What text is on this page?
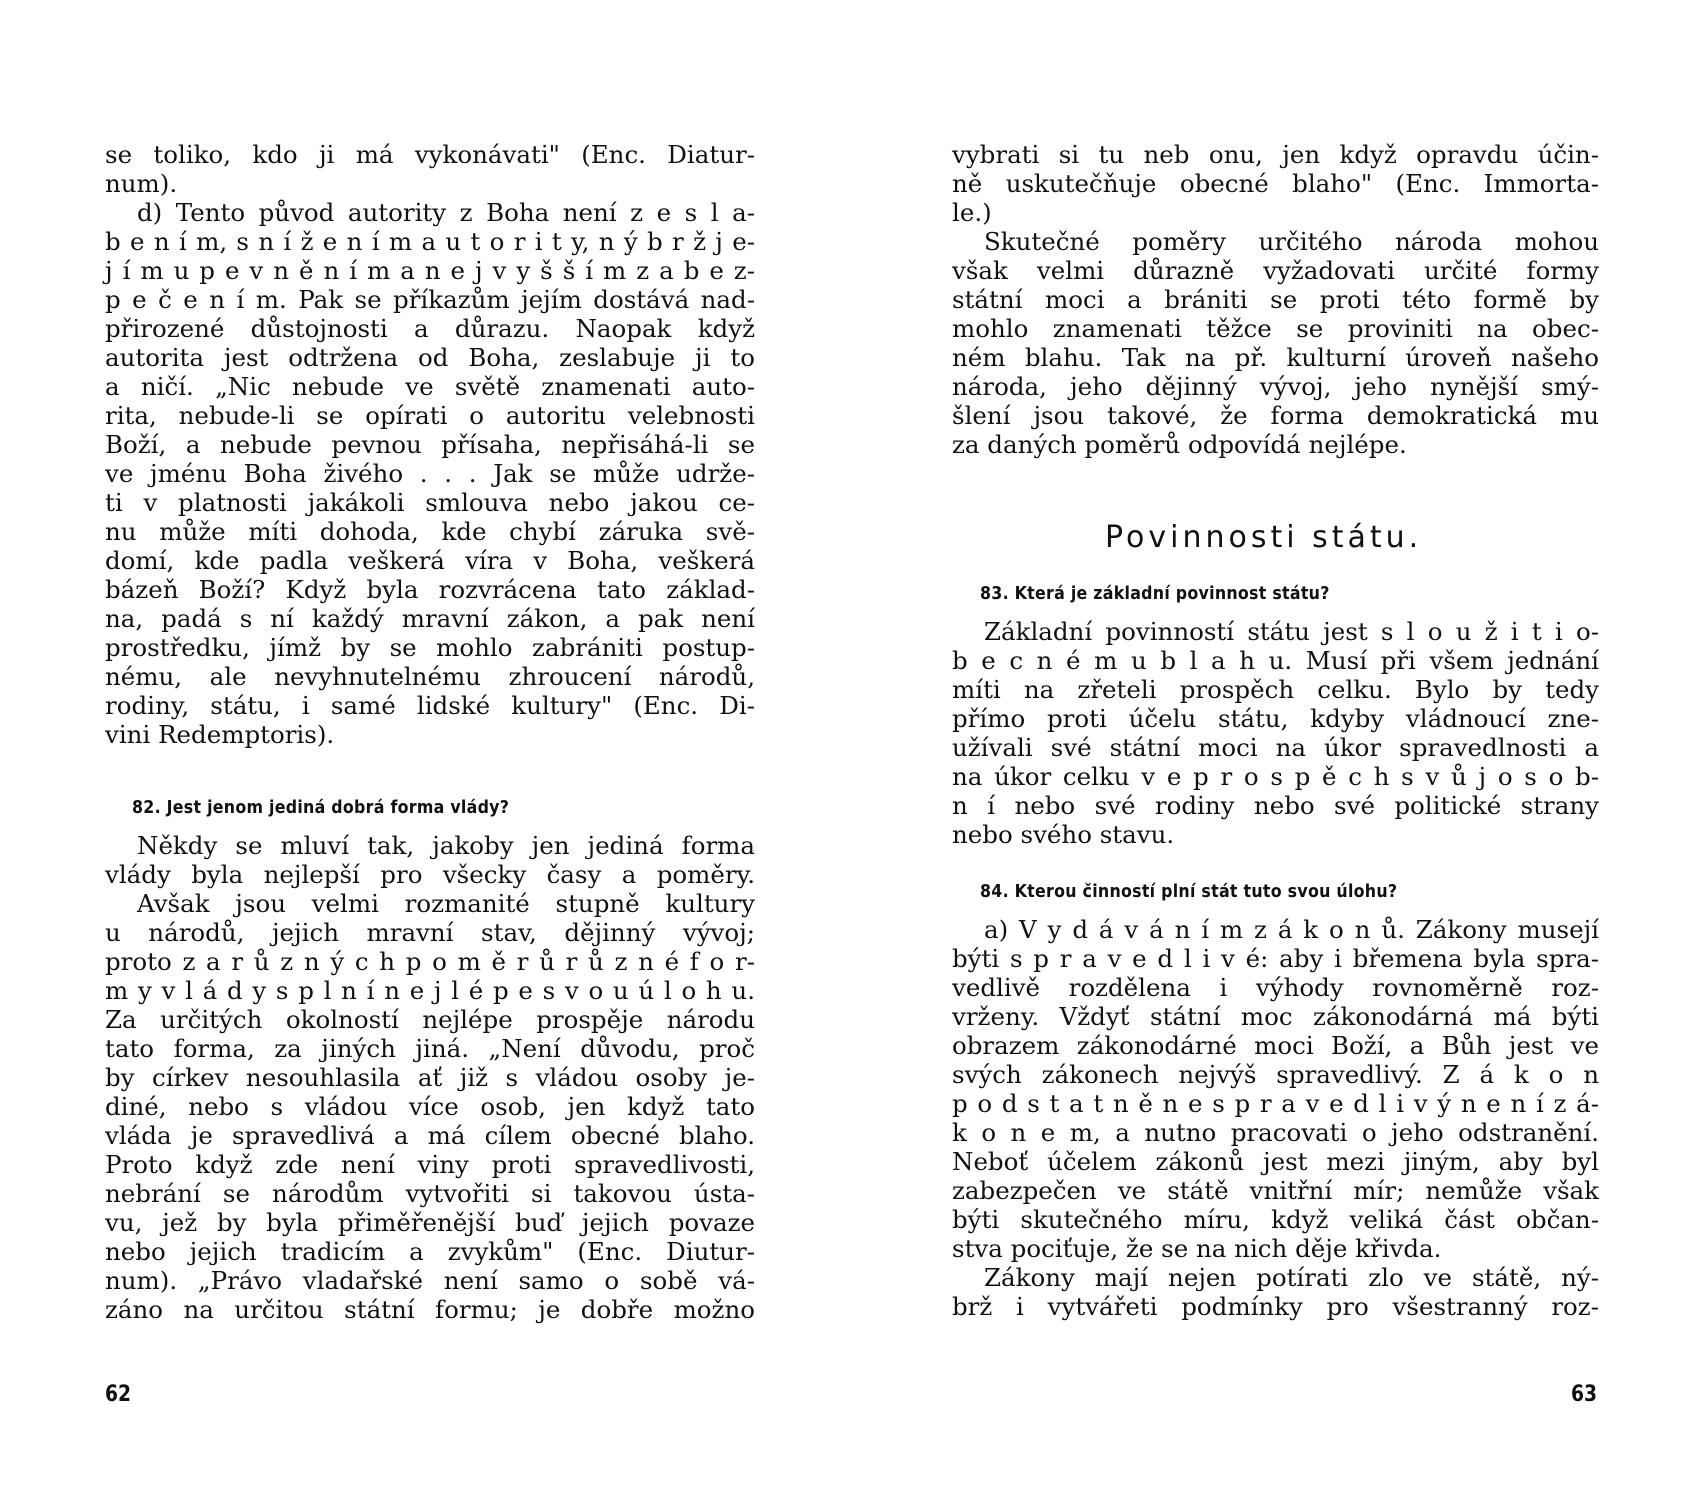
se toliko, kdo ji má vykonávati" (Enc. Diatur-
num).
d) Tento původ autority z Boha není z e s l a-
b e n í m, s n í ž e n í m a u t o r i t y, n ý b r ž j e-
j í m u p e v n ě n í m a n e j v y š š í m z a b e z-
p e č e n í m. Pak se příkazům jejím dostává nad-
přirozené důstojnosti a důrazu. Naopak když
autorita jest odtržena od Boha, zeslabuje ji to
a ničí. „Nic nebude ve světě znamenati auto-
rita, nebude-li se opírati o autoritu velebnosti
Boží, a nebude pevnou přísaha, nepřisáhá-li se
ve jménu Boha živého . . . Jak se může udrže-
ti v platnosti jakákoli smlouva nebo jakou ce-
nu může míti dohoda, kde chybí záruka svě-
domí, kde padla veškerá víra v Boha, veškerá
bázeň Boží? Když byla rozvrácena tato základ-
na, padá s ní každý mravní zákon, a pak není
prostředku, jímž by se mohlo zabrániti postup-
nému, ale nevyhnutelnému zhroucení národů,
rodiny, státu, i samé lidské kultury" (Enc. Di-
vini Redemptoris).
82. Jest jenom jediná dobrá forma vlády?
Někdy se mluví tak, jakoby jen jediná forma
vlády byla nejlepší pro všecky časy a poměry.
Avšak jsou velmi rozmanité stupně kultury
u národů, jejich mravní stav, dějinný vývoj;
proto z a r ů z n ý c h p o m ě r ů r ů z n é f o r-
m y v l á d y s p l n í n e j l é p e s v o u ú l o h u.
Za určitých okolností nejlépe prospěje národu
tato forma, za jiných jiná. „Není důvodu, proč
by církev nesouhlasila ať již s vládou osoby je-
diné, nebo s vládou více osob, jen když tato
vláda je spravedlivá a má cílem obecné blaho.
Proto když zde není viny proti spravedlivosti,
nebrání se národům vytvořiti si takovou ústa-
vu, jež by byla přiměřenější buď jejich povaze
nebo jejich tradicím a zvykům" (Enc. Diutur-
num). „Právo vladařské není samo o sobě vá-
záno na určitou státní formu; je dobře možno
62
vybrati si tu neb onu, jen když opravdu účin-
ně uskutečňuje obecné blaho" (Enc. Immorta-
le.)
Skutečné poměry určitého národa mohou
však velmi důrazně vyžadovati určité formy
státní moci a brániti se proti této formě by
mohlo znamenati těžce se proviniti na obec-
ném blahu. Tak na př. kulturní úroveň našeho
národa, jeho dějinný vývoj, jeho nynější smý-
šlení jsou takové, že forma demokratická mu
za daných poměrů odpovídá nejlépe.
Povinnosti státu.
83. Která je základní povinnost státu?
Základní povinností státu jest s l o u ž i t i o-
b e c n é m u b l a h u. Musí při všem jednání
míti na zřeteli prospěch celku. Bylo by tedy
přímo proti účelu státu, kdyby vládnoucí zne-
užívali své státní moci na úkor spravedlnosti a
na úkor celku v e p r o s p ě c h s v ů j o s o b-
n í nebo své rodiny nebo své politické strany
nebo svého stavu.
84. Kterou činností plní stát tuto svou úlohu?
a) V y d á v á n í m z á k o n ů. Zákony musejí
býti s p r a v e d l i v é: aby i břemena byla spra-
vedlivě rozdělena i výhody rovnoměrně roz-
vrženy. Vždyť státní moc zákonodárná má býti
obrazem zákonodárné moci Boží, a Bůh jest ve
svých zákonech nejvýš spravedlivý. Z á k o n
p o d s t a t n ě n e s p r a v e d l i v ý n e n í z á-
k o n e m, a nutno pracovati o jeho odstranění.
Neboť účelem zákonů jest mezi jiným, aby byl
zabezpečen ve státě vnitřní mír; nemůže však
býti skutečného míru, když veliká část občan-
stva pociťuje, že se na nich děje křivda.
Zákony mají nejen potírati zlo ve státě, ný-
brž i vytvářeti podmínky pro všestranný roz-
63
